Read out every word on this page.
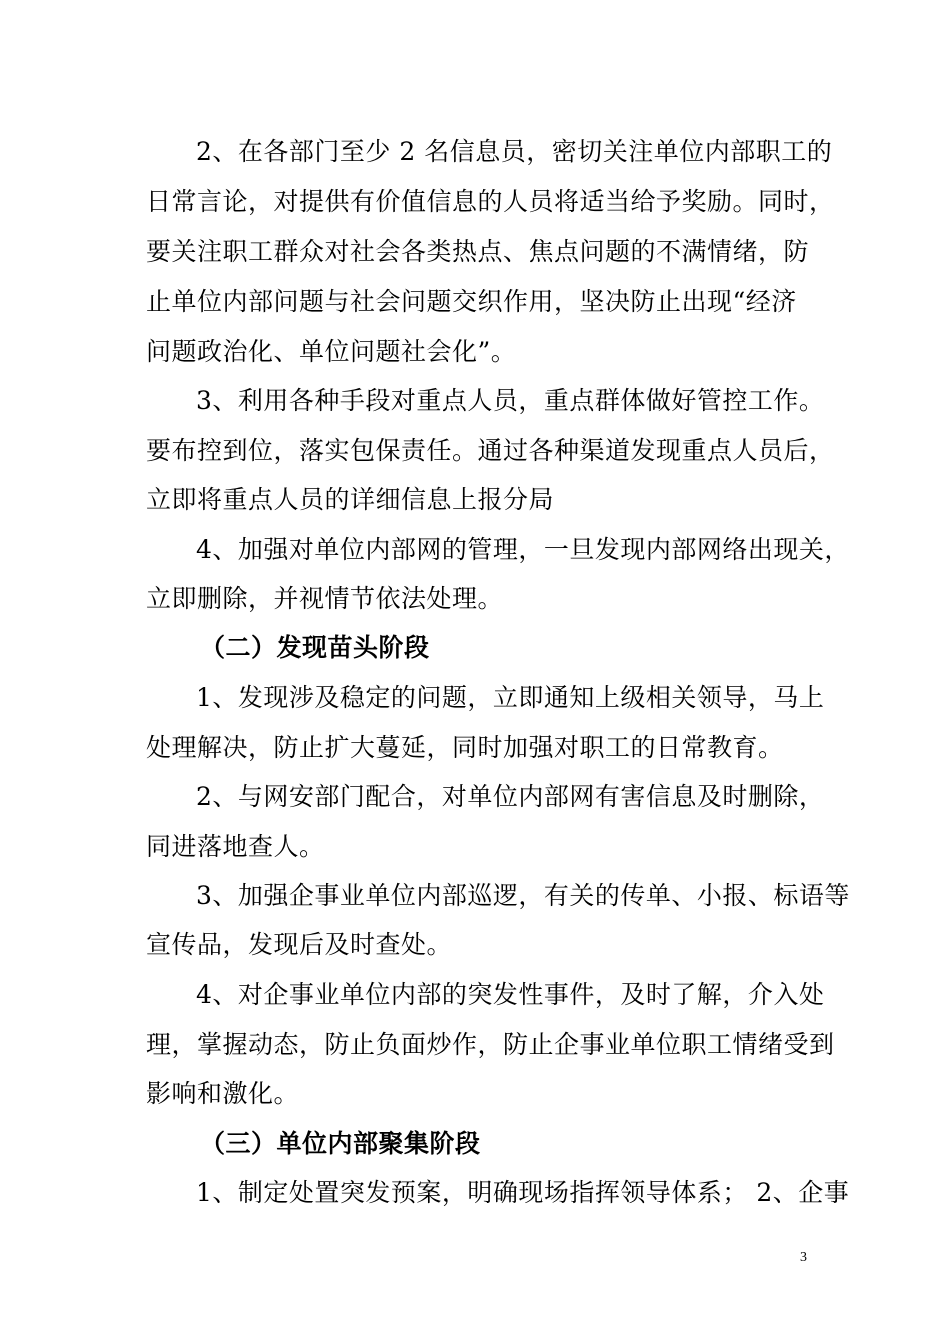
2、在各部门至少 2 名信息员，密切关注单位内部职工的
日常言论，对提供有价值信息的人员将适当给予奖励。同时，
要关注职工群众对社会各类热点、焦点问题的不满情绪，防
止单位内部问题与社会问题交织作用，坚决防止出现“经济
问题政治化、单位问题社会化”。
3、利用各种手段对重点人员，重点群体做好管控工作。
要布控到位，落实包保责任。通过各种渠道发现重点人员后，
立即将重点人员的详细信息上报分局
4、加强对单位内部网的管理，一旦发现内部网络出现关，
立即删除，并视情节依法处理。
（二）发现苗头阶段
1、发现涉及稳定的问题，立即通知上级相关领导，马上
处理解决，防止扩大蔓延，同时加强对职工的日常教育。
2、与网安部门配合，对单位内部网有害信息及时删除，
同进落地查人。
3、加强企事业单位内部巡逻，有关的传单、小报、标语等
宣传品，发现后及时查处。
4、对企事业单位内部的突发性事件，及时了解，介入处
理，掌握动态，防止负面炒作，防止企事业单位职工情绪受到
影响和激化。
（三）单位内部聚集阶段
1、制定处置突发预案，明确现场指挥领导体系； 2、企事
3
